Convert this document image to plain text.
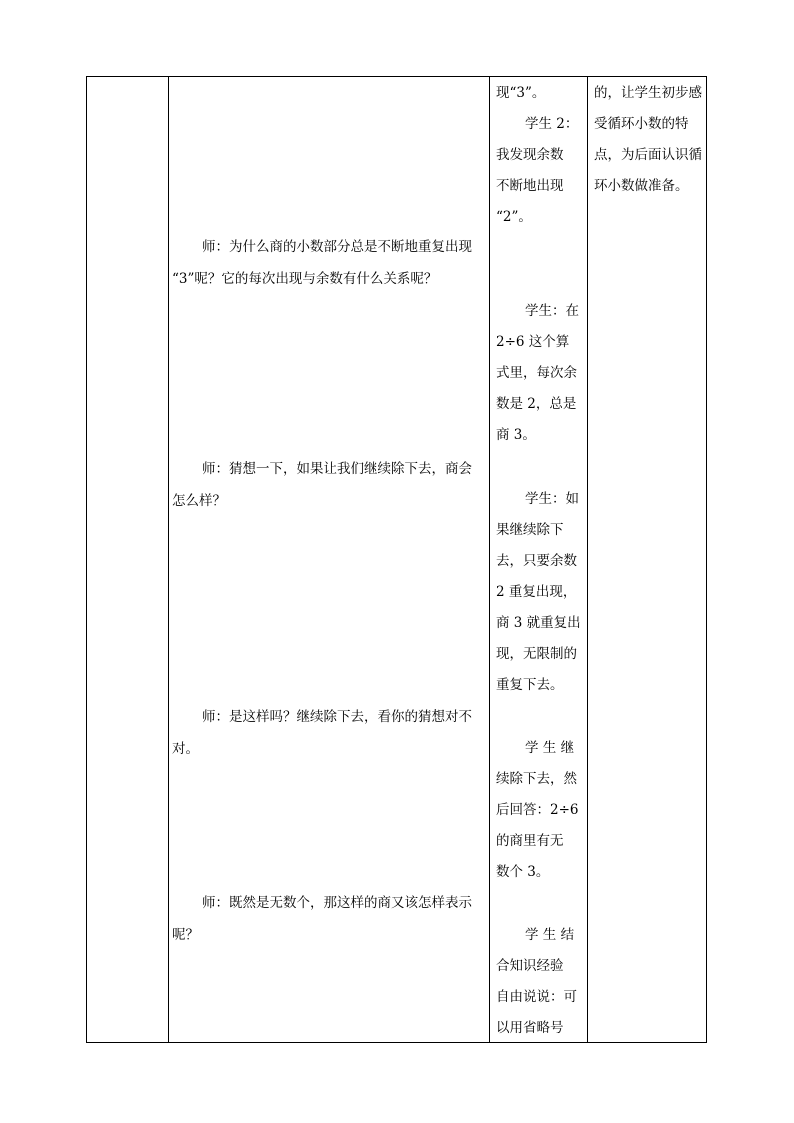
师：为什么商的小数部分总是不断地重复出现

“3”呢？它的每次出现与余数有什么关系呢？

师：猜想一下，如果让我们继续除下去，商会

怎么样？

师：是这样吗？继续除下去，看你的猜想对不

对。

师：既然是无数个，那这样的商又该怎样表示

呢？

现“3”。

学生 2：

我发现余数

不断地出现

“2”。

学生：在

2÷6 这个算

式里，每次余

数是 2，总是

商 3。

学生：如

果继续除下

去，只要余数

2 重复出现，

商 3 就重复出

现，无限制的

重复下去。

学 生 继

续除下去，然

后回答：2÷6

的商里有无

数个 3。

学 生 结

合知识经验

自由说说：可

以用省略号

的，让学生初步感

受循环小数的特

点，为后面认识循

环小数做准备。
